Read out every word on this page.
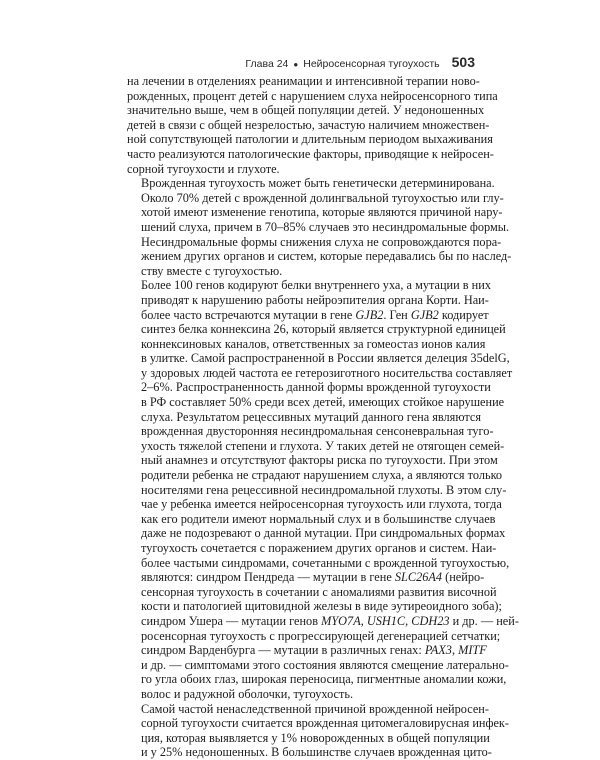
Глава 24 ● Нейросенсорная тугоухость 503

на лечении в отделениях реанимации и интенсивной терапии ново-
рожденных, процент детей с нарушением слуха нейросенсорного типа
значительно выше, чем в общей популяции детей. У недоношенных
детей в связи с общей незрелостью, зачастую наличием множествен-
ной сопутствующей патологии и длительным периодом выхаживания
часто реализуются патологические факторы, приводящие к нейросен-
сорной тугоухости и глухоте.

Врожденная тугоухость может быть генетически детерминирована.
Около 70% детей с врожденной долингвальной тугоухостью или глу-
хотой имеют изменение генотипа, которые являются причиной нару-
шений слуха, причем в 70–85% случаев это несиндромальные формы.
Несиндромальные формы снижения слуха не сопровождаются пора-
жением других органов и систем, которые передавались бы по наслед-
ству вместе с тугоухостью.

Более 100 генов кодируют белки внутреннего уха, а мутации в них
приводят к нарушению работы нейроэпителия органа Корти. Наи-
более часто встречаются мутации в гене GJB2. Ген GJB2 кодирует
синтез белка коннексина 26, который является структурной единицей
коннексиновых каналов, ответственных за гомеостаз ионов калия
в улитке. Самой распространенной в России является делеция 35delG,
у здоровых людей частота ее гетерозиготного носительства составляет
2–6%. Распространенность данной формы врожденной тугоухости
в РФ составляет 50% среди всех детей, имеющих стойкое нарушение
слуха. Результатом рецессивных мутаций данного гена являются
врожденная двусторонняя несиндромальная сенсоневральная туго-
ухость тяжелой степени и глухота. У таких детей не отягощен семей-
ный анамнез и отсутствуют факторы риска по тугоухости. При этом
родители ребенка не страдают нарушением слуха, а являются только
носителями гена рецессивной несиндромальной глухоты. В этом слу-
чае у ребенка имеется нейросенсорная тугоухость или глухота, тогда
как его родители имеют нормальный слух и в большинстве случаев
даже не подозревают о данной мутации. При синдромальных формах
тугоухость сочетается с поражением других органов и систем. Наи-
более частыми синдромами, сочетанными с врожденной тугоухостью,
являются: синдром Пендреда — мутации в гене SLC26A4 (нейро-
сенсорная тугоухость в сочетании с аномалиями развития височной
кости и патологией щитовидной железы в виде эутиреоидного зоба);
синдром Ушера — мутации генов MYO7A, USH1C, CDH23 и др. — ней-
росенсорная тугоухость с прогрессирующей дегенерацией сетчатки;
синдром Варденбурга — мутации в различных генах: PAX3, MITF
и др. — симптомами этого состояния являются смещение латерально-
го угла обоих глаз, широкая переносица, пигментные аномалии кожи,
волос и радужной оболочки, тугоухость.

Самой частой ненаследственной причиной врожденной нейросен-
сорной тугоухости считается врожденная цитомегаловирусная инфек-
ция, которая выявляется у 1% новорожденных в общей популяции
и у 25% недоношенных. В большинстве случаев врожденная цито-
